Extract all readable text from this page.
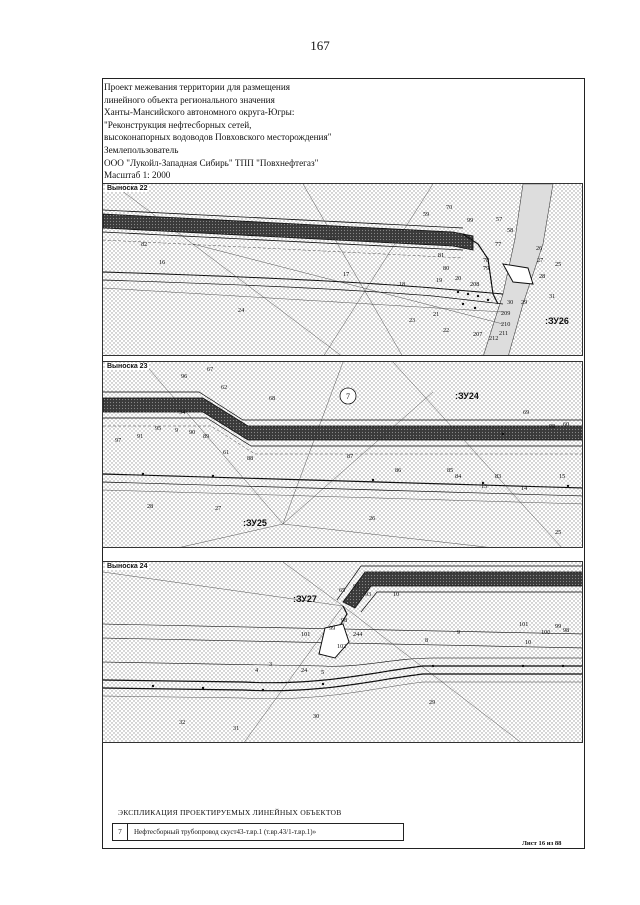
167
Проект межевания территории для размещения
линейного объекта регионального значения
Ханты-Мансийского автономного округа-Югры:
"Реконструкция нефтесборных сетей,
высоконапорных водоводов Повховского месторождения"
Землепользователь
ООО "Лукойл-Западная Сибирь" ТПП "Повхнефтегаз"
Масштаб 1: 2000
70
59
99	57
58
77
26
27
25
82
81
78
16
80	79
28
17
19 20
208
31
18
24
30 29
209
23
210
21
22
207
212
211
:ЗУ26
Выноска 22
7
67
96
62
68
94	69
95 9 90
97
91	89
98 60
88
61
86
87
85
84	83	15
13	14
28	27
26
25
:ЗУ24
:ЗУ25
Выноска 23
65
92
93	10
9
101
98
99
244
102
8
101
100
99
98
10
24
3
4	5
29
32
30
31
:ЗУ27
Выноска 24
ЭКСПЛИКАЦИЯ ПРОЕКТИРУЕМЫХ ЛИНЕЙНЫХ ОБЪЕКТОВ
7	Нефтесборный трубопровод скуст43-т.вр.1 (т.вр.43/1-т.вр.1)»
Лист 16 из 88
